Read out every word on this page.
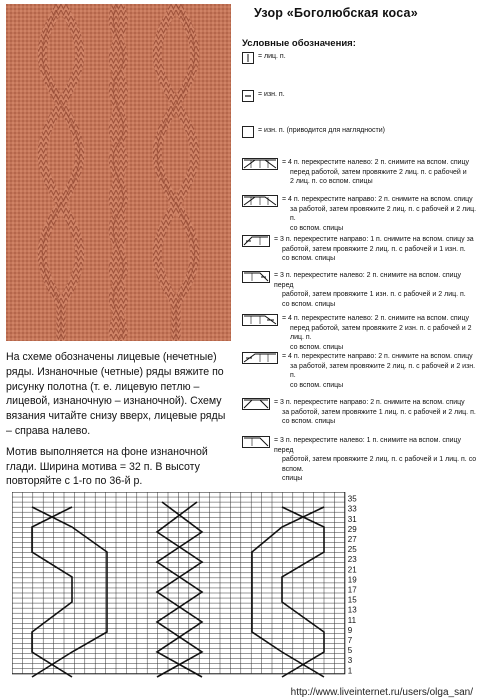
Узор «Боголюбская коса»
Условные обозначения:
= лиц. п.
= изн. п.
= изн. п. (приводится для наглядности)
= 4 п. перекрестите налево: 2 п. снимите на вспом. спицу
перед работой, затем провяжите 2 лиц. п. с рабочей и
2 лиц. п. со вспом. спицы
= 4 п. перекрестите направо: 2 п. снимите на вспом. спицу
за работой, затем провяжите 2 лиц. п. с рабочей и 2 лиц. п.
со вспом. спицы
= 3 п. перекрестите направо: 1 п. снимите на вспом. спицу за
работой, затем провяжите 2 лиц. п. с рабочей и 1 изн. п.
со вспом. спицы
= 3 п. перекрестите налево: 2 п. снимите на вспом. спицу перед
работой, затем провяжите 1 изн. п. с рабочей и 2 лиц. п.
со вспом. спицы
= 4 п. перекрестите налево: 2 п. снимите на вспом. спицу
перед работой, затем провяжите 2 изн. п. с рабочей и 2 лиц. п.
со вспом. спицы
= 4 п. перекрестите направо: 2 п. снимите на вспом. спицу
за работой, затем провяжите 2 лиц. п. с рабочей и 2 изн. п.
со вспом. спицы
= 3 п. перекрестите направо: 2 п. снимите на вспом. спицу
за работой, затем провяжите 1 лиц. п. с рабочей и 2 лиц. п.
со вспом. спицы
= 3 п. перекрестите налево: 1 п. снимите на вспом. спицу перед
работой, затем провяжите 2 лиц. п. с рабочей и 1 лиц. п. со вспом.
спицы

На схеме обозначены лицевые (нечетные) ряды. Изнаночные (четные) ряды вяжите по рисунку полотна (т. е. лицевую петлю – лицевой, изнаночную – изнаночной). Схему вязания читайте снизу вверх, лицевые ряды – справа налево.

Мотив выполняется на фоне изнаночной глади. Ширина мотива = 32 п. В высоту повторяйте с 1-го по 36-й р.

1
3
5
7
9
11
13
15
17
19
21
23
25
27
29
31
33
35
http://www.liveinternet.ru/users/olga_san/
